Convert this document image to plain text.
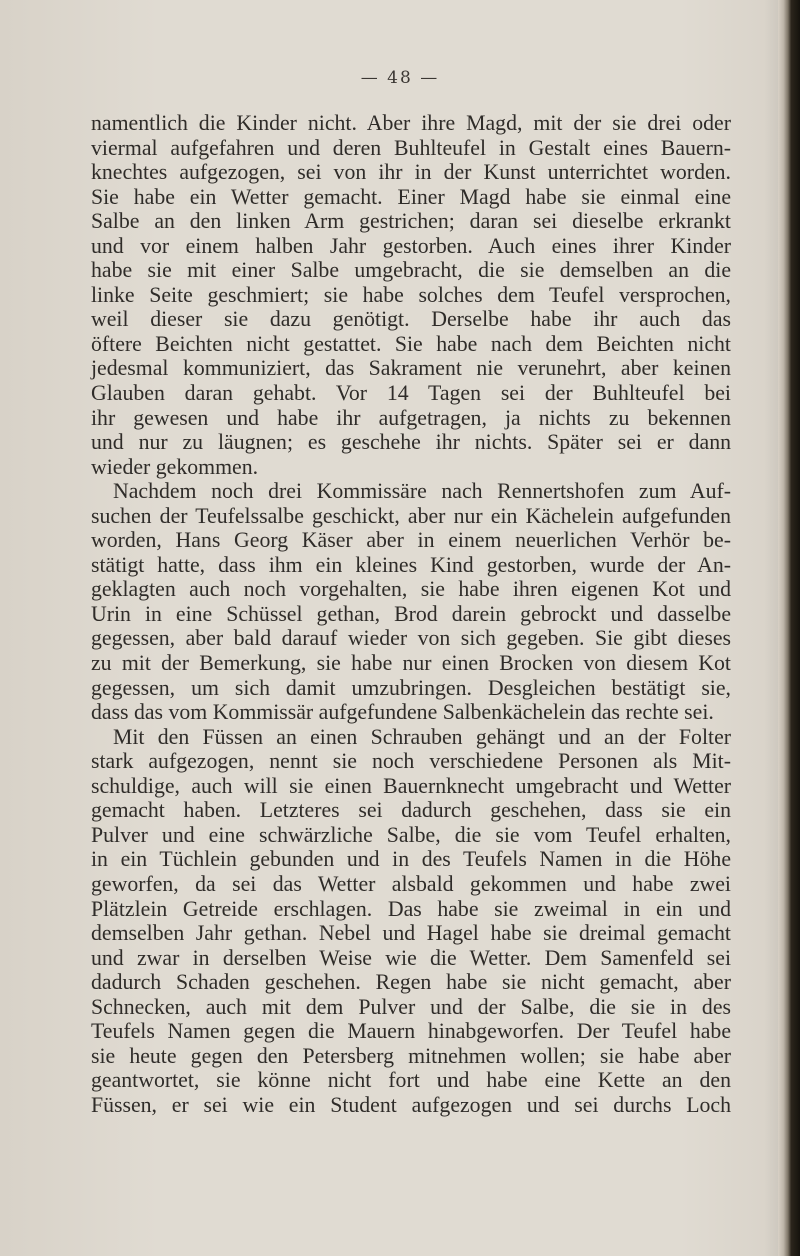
— 48 —
namentlich die Kinder nicht. Aber ihre Magd, mit der sie drei oder
viermal aufgefahren und deren Buhlteufel in Gestalt eines Bauern-
knechtes aufgezogen, sei von ihr in der Kunst unterrichtet worden.
Sie habe ein Wetter gemacht. Einer Magd habe sie einmal eine
Salbe an den linken Arm gestrichen; daran sei dieselbe erkrankt
und vor einem halben Jahr gestorben. Auch eines ihrer Kinder
habe sie mit einer Salbe umgebracht, die sie demselben an die
linke Seite geschmiert; sie habe solches dem Teufel versprochen,
weil dieser sie dazu genötigt. Derselbe habe ihr auch das
öftere Beichten nicht gestattet. Sie habe nach dem Beichten nicht
jedesmal kommuniziert, das Sakrament nie verunehrt, aber keinen
Glauben daran gehabt. Vor 14 Tagen sei der Buhlteufel bei
ihr gewesen und habe ihr aufgetragen, ja nichts zu bekennen
und nur zu läugnen; es geschehe ihr nichts. Später sei er dann
wieder gekommen.
Nachdem noch drei Kommissäre nach Rennertshofen zum Auf-
suchen der Teufelssalbe geschickt, aber nur ein Kächelein aufgefunden
worden, Hans Georg Käser aber in einem neuerlichen Verhör be-
stätigt hatte, dass ihm ein kleines Kind gestorben, wurde der An-
geklagten auch noch vorgehalten, sie habe ihren eigenen Kot und
Urin in eine Schüssel gethan, Brod darein gebrockt und dasselbe
gegessen, aber bald darauf wieder von sich gegeben. Sie gibt dieses
zu mit der Bemerkung, sie habe nur einen Brocken von diesem Kot
gegessen, um sich damit umzubringen. Desgleichen bestätigt sie,
dass das vom Kommissär aufgefundene Salbenkächelein das rechte sei.
Mit den Füssen an einen Schrauben gehängt und an der Folter
stark aufgezogen, nennt sie noch verschiedene Personen als Mit-
schuldige, auch will sie einen Bauernknecht umgebracht und Wetter
gemacht haben. Letzteres sei dadurch geschehen, dass sie ein
Pulver und eine schwärzliche Salbe, die sie vom Teufel erhalten,
in ein Tüchlein gebunden und in des Teufels Namen in die Höhe
geworfen, da sei das Wetter alsbald gekommen und habe zwei
Plätzlein Getreide erschlagen. Das habe sie zweimal in ein und
demselben Jahr gethan. Nebel und Hagel habe sie dreimal gemacht
und zwar in derselben Weise wie die Wetter. Dem Samenfeld sei
dadurch Schaden geschehen. Regen habe sie nicht gemacht, aber
Schnecken, auch mit dem Pulver und der Salbe, die sie in des
Teufels Namen gegen die Mauern hinabgeworfen. Der Teufel habe
sie heute gegen den Petersberg mitnehmen wollen; sie habe aber
geantwortet, sie könne nicht fort und habe eine Kette an den
Füssen, er sei wie ein Student aufgezogen und sei durchs Loch
